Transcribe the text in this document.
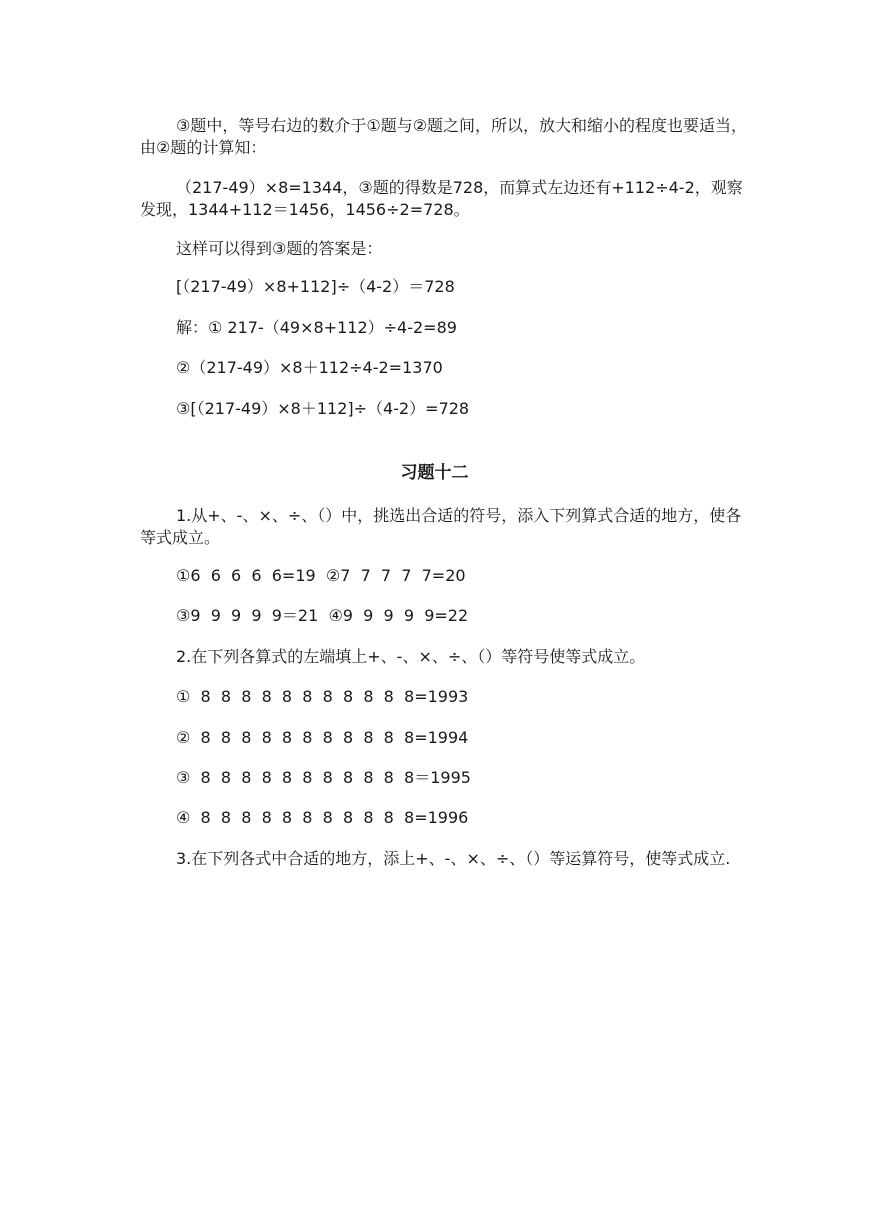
③题中，等号右边的数介于①题与②题之间，所以，放大和缩小的程度也要适当，由②题的计算知：
（217-49）×8=1344，③题的得数是728，而算式左边还有+112÷4-2，观察发现，1344+112＝1456，1456÷2=728。
这样可以得到③题的答案是：
[（217-49）×8+112]÷（4-2）＝728
解：① 217-（49×8+112）÷4-2=89
②（217-49）×8＋112÷4-2=1370
③[（217-49）×8＋112]÷（4-2）=728
习题十二
1.从+、-、×、÷、（）中，挑选出合适的符号，添入下列算式合适的地方，使各等式成立。
①6  6  6  6  6=19  ②7  7  7  7  7=20
③9  9  9  9  9＝21  ④9  9  9  9  9=22
2.在下列各算式的左端填上+、-、×、÷、（）等符号使等式成立。
①  8  8  8  8  8  8  8  8  8  8  8=1993
②  8  8  8  8  8  8  8  8  8  8  8=1994
③  8  8  8  8  8  8  8  8  8  8  8＝1995
④  8  8  8  8  8  8  8  8  8  8  8=1996
3.在下列各式中合适的地方，添上+、-、×、÷、（）等运算符号，使等式成立.
